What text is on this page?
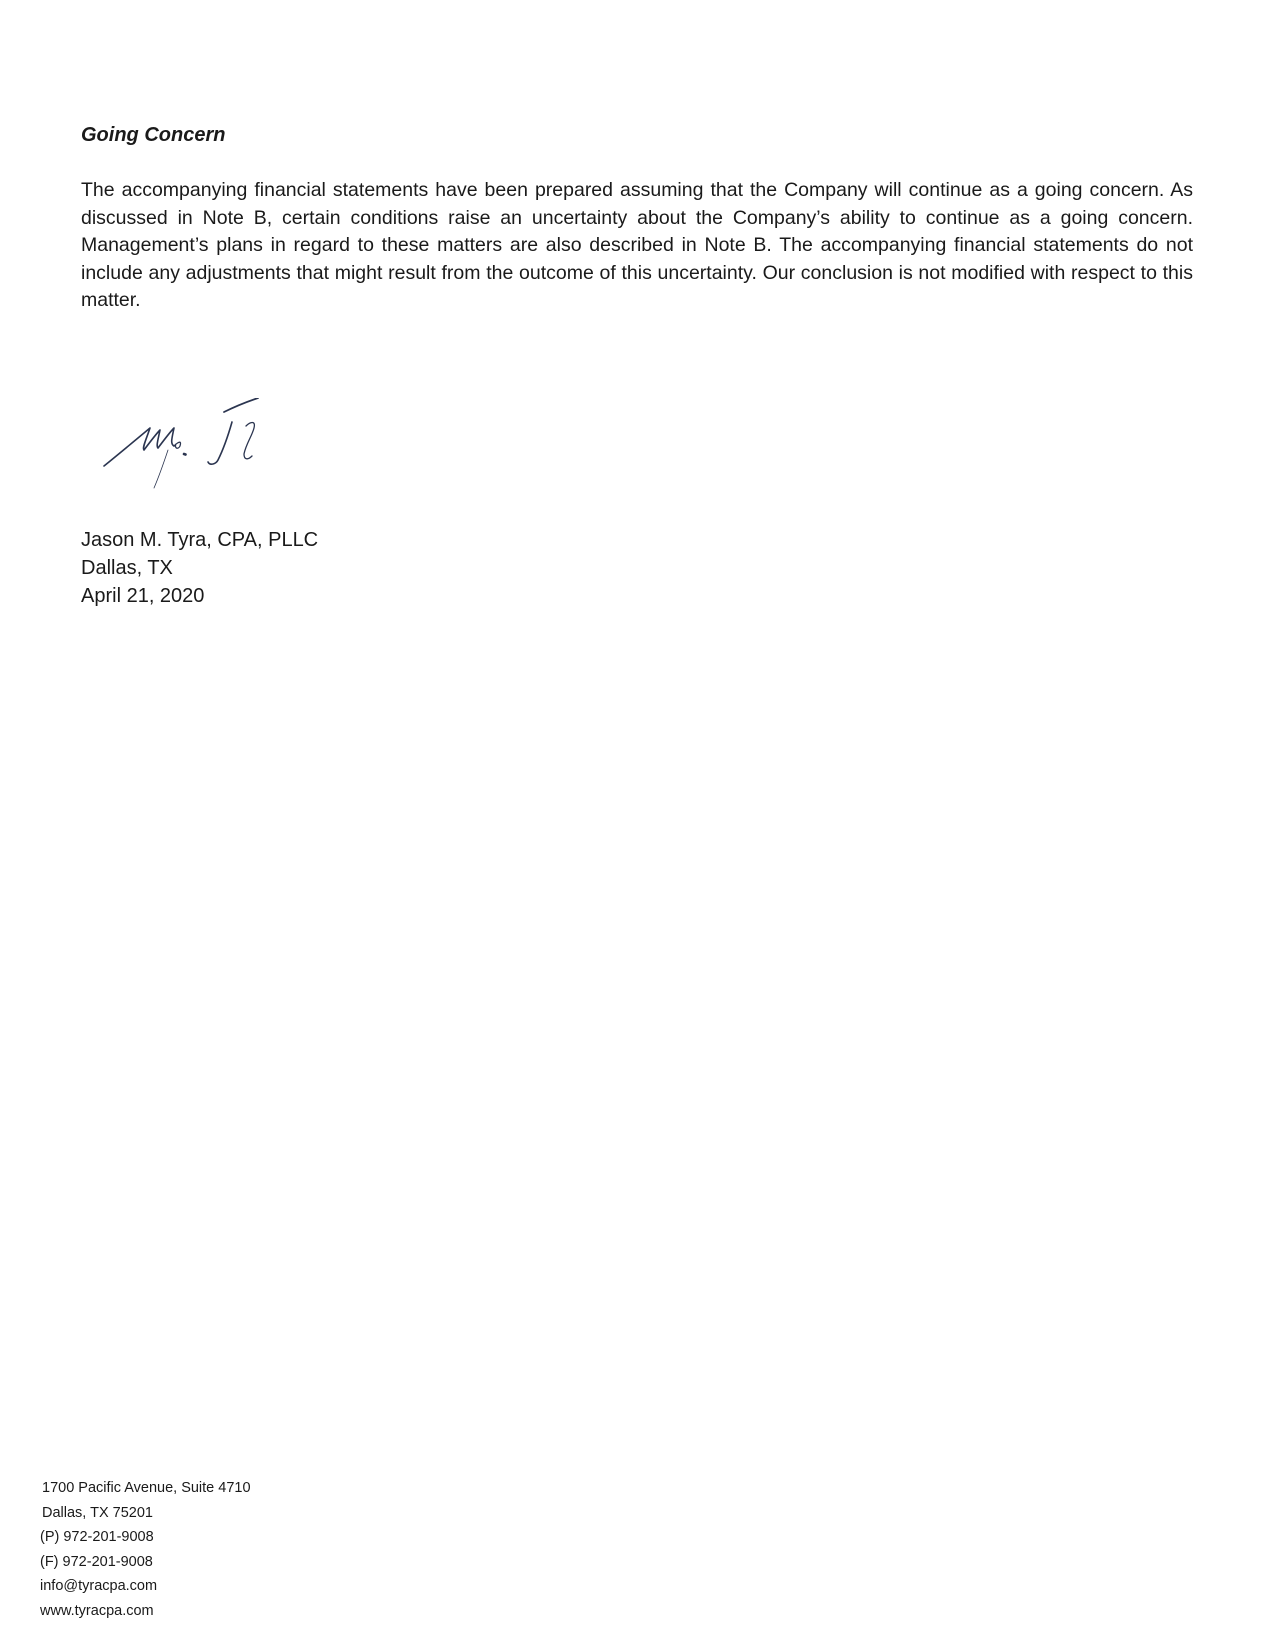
Going Concern

The accompanying financial statements have been prepared assuming that the Company will continue as a going concern. As discussed in Note B, certain conditions raise an uncertainty about the Company’s ability to continue as a going concern. Management’s plans in regard to these matters are also described in Note B. The accompanying financial statements do not include any adjustments that might result from the outcome of this uncertainty. Our conclusion is not modified with respect to this matter.

Jason M. Tyra, CPA, PLLC
Dallas, TX
April 21, 2020
1700 Pacific Avenue, Suite 4710
Dallas, TX 75201
(P) 972-201-9008
(F) 972-201-9008
info@tyracpa.com
www.tyracpa.com
